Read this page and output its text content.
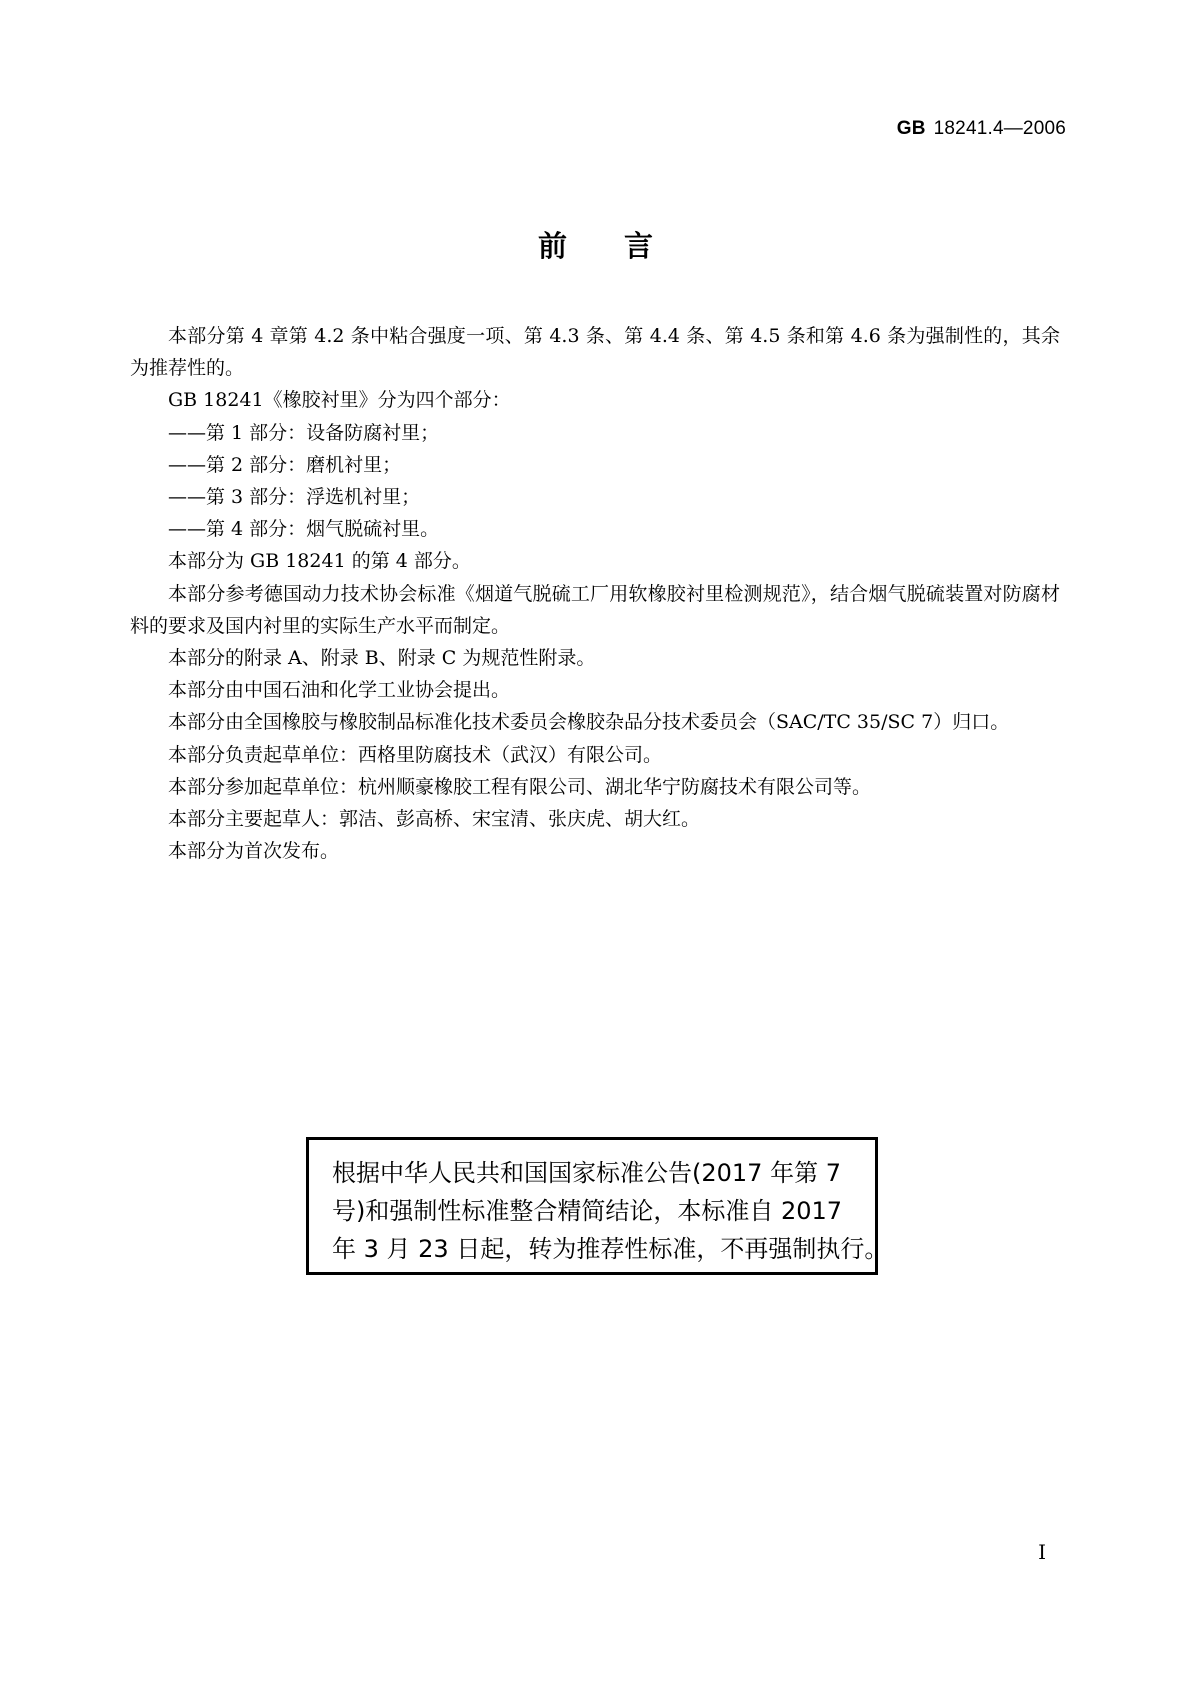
GB 18241.4—2006
前言

本部分第 4 章第 4.2 条中粘合强度一项、第 4.3 条、第 4.4 条、第 4.5 条和第 4.6 条为强制性的，其余为推荐性的。

GB 18241《橡胶衬里》分为四个部分：

——第 1 部分：设备防腐衬里；

——第 2 部分：磨机衬里；

——第 3 部分：浮选机衬里；

——第 4 部分：烟气脱硫衬里。

本部分为 GB 18241 的第 4 部分。

本部分参考德国动力技术协会标准《烟道气脱硫工厂用软橡胶衬里检测规范》，结合烟气脱硫装置对防腐材料的要求及国内衬里的实际生产水平而制定。

本部分的附录 A、附录 B、附录 C 为规范性附录。

本部分由中国石油和化学工业协会提出。

本部分由全国橡胶与橡胶制品标准化技术委员会橡胶杂品分技术委员会（SAC/TC 35/SC 7）归口。

本部分负责起草单位：西格里防腐技术（武汉）有限公司。

本部分参加起草单位：杭州顺豪橡胶工程有限公司、湖北华宁防腐技术有限公司等。

本部分主要起草人：郭洁、彭高桥、宋宝清、张庆虎、胡大红。

本部分为首次发布。

根据中华人民共和国国家标准公告(2017 年第 7

号)和强制性标准整合精简结论，本标准自 2017

年 3 月 23 日起，转为推荐性标准，不再强制执行。

I
